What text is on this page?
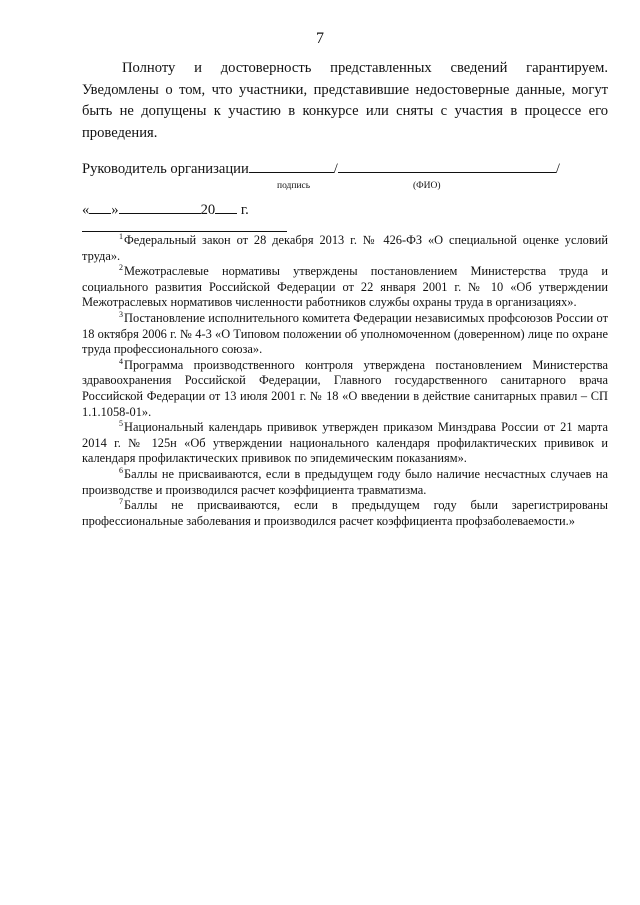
7
Полноту и достоверность представленных сведений гарантируем. Уведомлены о том, что участники, представившие недостоверные данные, могут быть не допущены к участию в конкурсе или сняты с участия в процессе его проведения.
Руководитель организации	/	/
подпись	(ФИО)
« »	20 г.

$^1$Федеральный закон от 28 декабря 2013 г. № 426-ФЗ «О специальной оценке условий труда».

$^2$Межотраслевые нормативы утверждены постановлением Министерства труда и социального развития Российской Федерации от 22 января 2001 г. № 10 «Об утверждении Межотраслевых нормативов численности работников службы охраны труда в организациях».

$^3$Постановление исполнительного комитета Федерации независимых профсоюзов России от 18 октября 2006 г. № 4-3 «О Типовом положении об уполномоченном (доверенном) лице по охране труда профессионального союза».

$^4$Программа производственного контроля утверждена постановлением Министерства здравоохранения Российской Федерации, Главного государственного санитарного врача Российской Федерации от 13 июля 2001 г. № 18 «О введении в действие санитарных правил – СП 1.1.1058-01».

$^5$Национальный календарь прививок утвержден приказом Минздрава России от 21 марта 2014 г. № 125н «Об утверждении национального календаря профилактических прививок и календаря профилактических прививок по эпидемическим показаниям».

$^6$Баллы не присваиваются, если в предыдущем году было наличие несчастных случаев на производстве и производился расчет коэффициента травматизма.

$^7$Баллы не присваиваются, если в предыдущем году были зарегистрированы профессиональные заболевания и производился расчет коэффициента профзаболеваемости.»
